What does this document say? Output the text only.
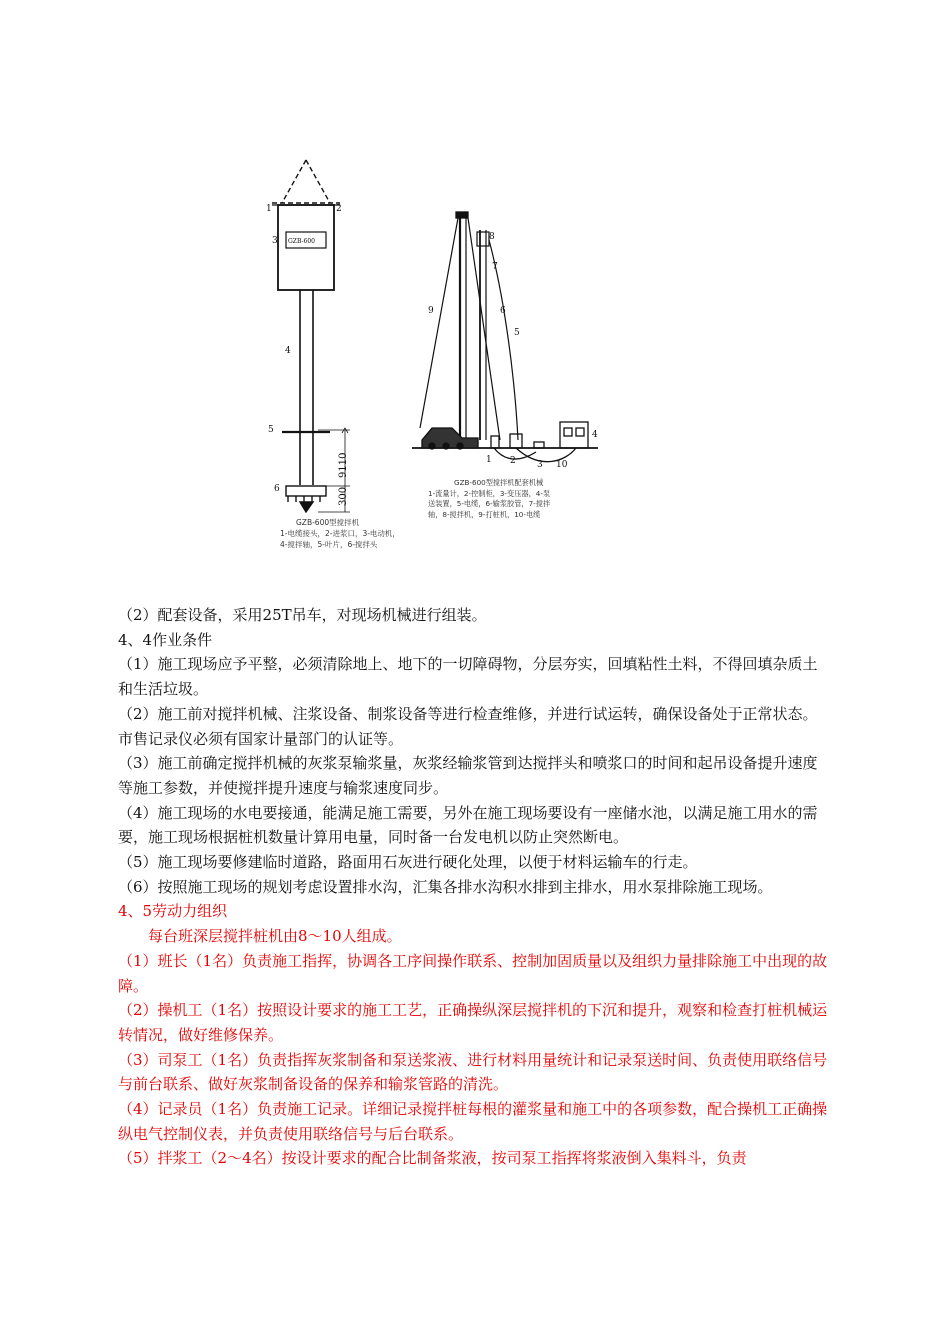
GZB-600
1	2
3
4
5
6
9110
300
8
7
9	6
5
4
1 2 3 10
GZB-600型搅拌机
1-电缆接头，2-进浆口，3-电动机，
4-搅拌轴，5-叶片，6-搅拌头
GZB-600型搅拌机配套机械
1-流量计，2-控制柜，3-变压器，4-泵
送装置，5-电缆，6-输浆胶管，7-搅拌
轴，8-搅拌机，9-打桩机，10-电缆

（2）配套设备，采用25T吊车，对现场机械进行组装。

4、4作业条件

（1）施工现场应予平整，必须清除地上、地下的一切障碍物，分层夯实，回填粘性土料，不得回填杂质土和生活垃圾。

（2）施工前对搅拌机械、注浆设备、制浆设备等进行检查维修，并进行试运转，确保设备处于正常状态。市售记录仪必须有国家计量部门的认证等。

（3）施工前确定搅拌机械的灰浆泵输浆量，灰浆经输浆管到达搅拌头和喷浆口的时间和起吊设备提升速度等施工参数，并使搅拌提升速度与输浆速度同步。

（4）施工现场的水电要接通，能满足施工需要，另外在施工现场要设有一座储水池，以满足施工用水的需要，施工现场根据桩机数量计算用电量，同时备一台发电机以防止突然断电。

（5）施工现场要修建临时道路，路面用石灰进行硬化处理，以便于材料运输车的行走。

（6）按照施工现场的规划考虑设置排水沟，汇集各排水沟积水排到主排水，用水泵排除施工现场。

4、5劳动力组织

每台班深层搅拌桩机由8～10人组成。

（1）班长（1名）负责施工指挥，协调各工序间操作联系、控制加固质量以及组织力量排除施工中出现的故障。

（2）操机工（1名）按照设计要求的施工工艺，正确操纵深层搅拌机的下沉和提升，观察和检查打桩机械运转情况，做好维修保养。

（3）司泵工（1名）负责指挥灰浆制备和泵送浆液、进行材料用量统计和记录泵送时间、负责使用联络信号与前台联系、做好灰浆制备设备的保养和输浆管路的清洗。

（4）记录员（1名）负责施工记录。详细记录搅拌桩每根的灌浆量和施工中的各项参数，配合操机工正确操纵电气控制仪表，并负责使用联络信号与后台联系。

（5）拌浆工（2～4名）按设计要求的配合比制备浆液，按司泵工指挥将浆液倒入集料斗，负责
